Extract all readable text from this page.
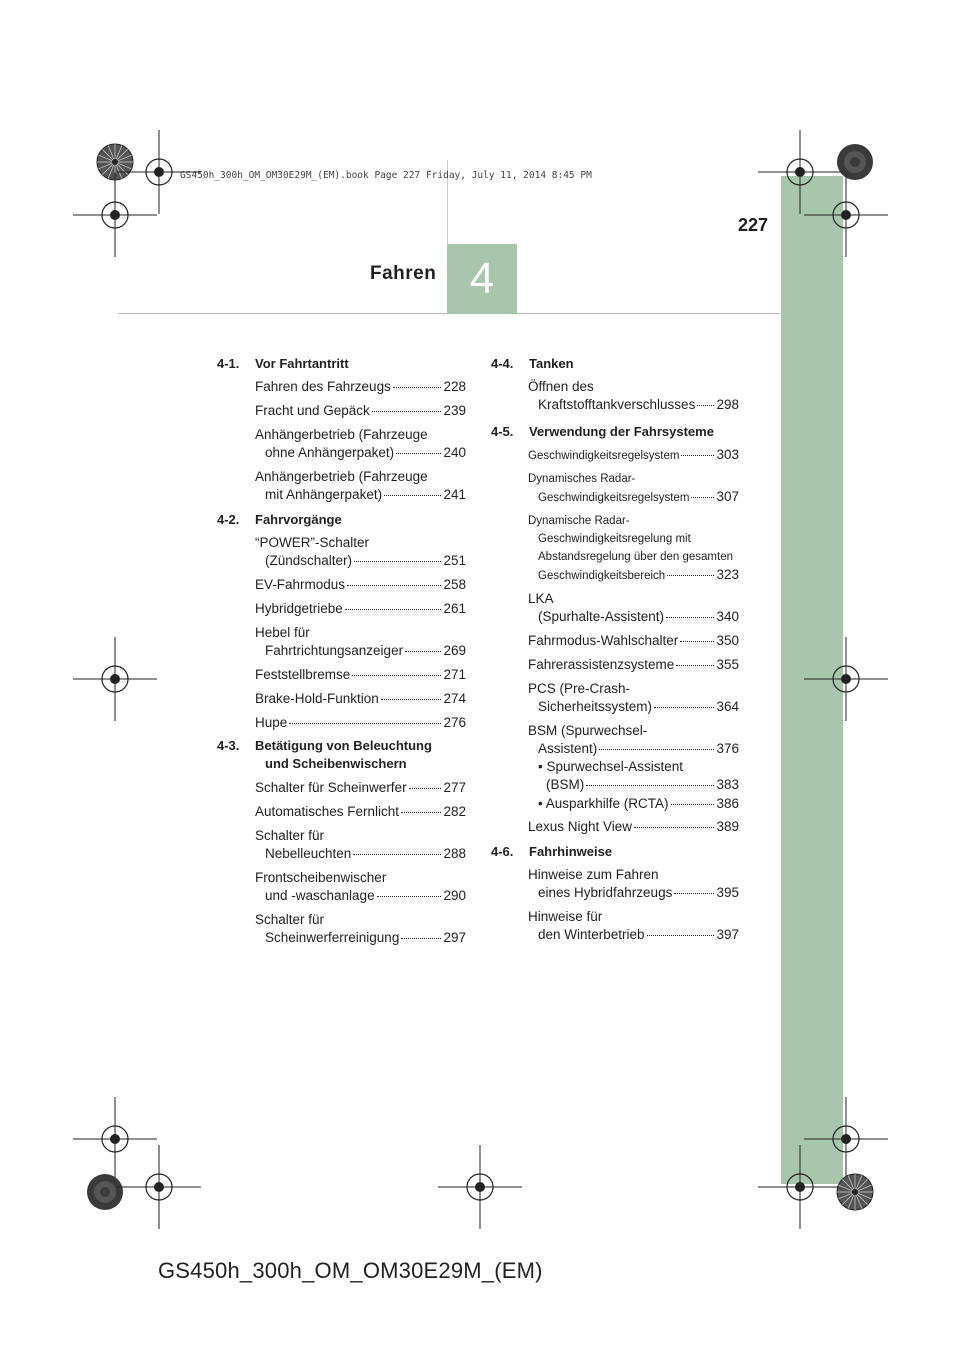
GS450h_300h_OM_OM30E29M_(EM).book Page 227 Friday, July 11, 2014 8:45 PM
227
Fahren 4
4-1. Vor Fahrtantritt
Fahren des Fahrzeugs	228
Fracht und Gepäck	239
Anhängerbetrieb (Fahrzeuge
ohne Anhängerpaket)	240
Anhängerbetrieb (Fahrzeuge
mit Anhängerpaket)	241
4-2. Fahrvorgänge
“POWER”-Schalter
(Zündschalter)	251
EV-Fahrmodus	258
Hybridgetriebe	261
Hebel für
Fahrtrichtungsanzeiger	269
Feststellbremse	271
Brake-Hold-Funktion	274
Hupe	276
4-3. Betätigung von Beleuchtung
und Scheibenwischern
Schalter für Scheinwerfer	277
Automatisches Fernlicht	282
Schalter für
Nebelleuchten	288
Frontscheibenwischer
und -waschanlage	290
Schalter für
Scheinwerferreinigung	297
4-4. Tanken
Öffnen des
Kraftstofftankverschlusses 298
4-5. Verwendung der Fahrsysteme
Geschwindigkeitsregelsystem	303
Dynamisches Radar-
Geschwindigkeitsregelsystem 307
Dynamische Radar-
Geschwindigkeitsregelung mit
Abstandsregelung über den gesamten
Geschwindigkeitsbereich	323
LKA
(Spurhalte-Assistent)	340
Fahrmodus-Wahlschalter	350
Fahrerassistenzsysteme	355
PCS (Pre-Crash-
Sicherheitssystem)	364
BSM (Spurwechsel-
Assistent)	376
• Spurwechsel-Assistent
(BSM)	383
• Ausparkhilfe (RCTA)	386
Lexus Night View	389
4-6. Fahrhinweise
Hinweise zum Fahren
eines Hybridfahrzeugs	395
Hinweise für
den Winterbetrieb	397
GS450h_300h_OM_OM30E29M_(EM)
